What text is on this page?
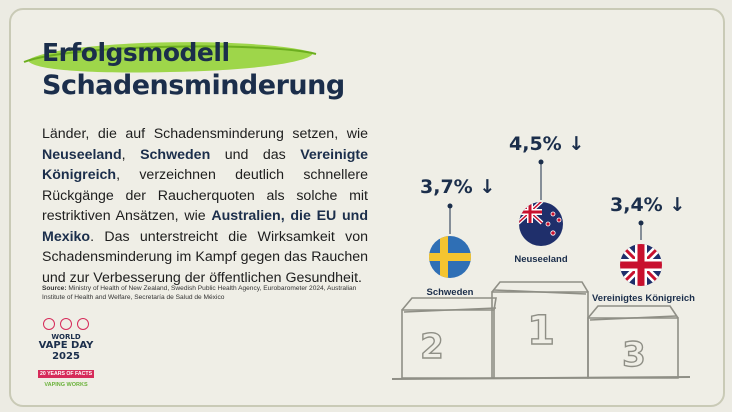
Erfolgsmodell
Schadensminderung
Länder, die auf Schadensminderung setzen, wie Neuseeland, Schweden und das Vereinigte Königreich, verzeichnen deutlich schnellere Rückgänge der Raucherquoten als solche mit restriktiven Ansätzen, wie Australien, die EU und Mexiko. Das unterstreicht die Wirksamkeit von Schadensminderung im Kampf gegen das Rauchen und zur Verbesserung der öffentlichen Gesundheit.
Source: Ministry of Health of New Zealand, Swedish Public Health Agency, Eurobarometer 2024, Australian Institute of Health and Welfare, Secretaría de Salud de México
WORLD
VAPE DAY
2025
20 YEARS OF FACTS
VAPING WORKS
2 1
3
3,7% ↓
4,5% ↓
3,4% ↓
Schweden
Neuseeland
Vereinigtes Königreich
